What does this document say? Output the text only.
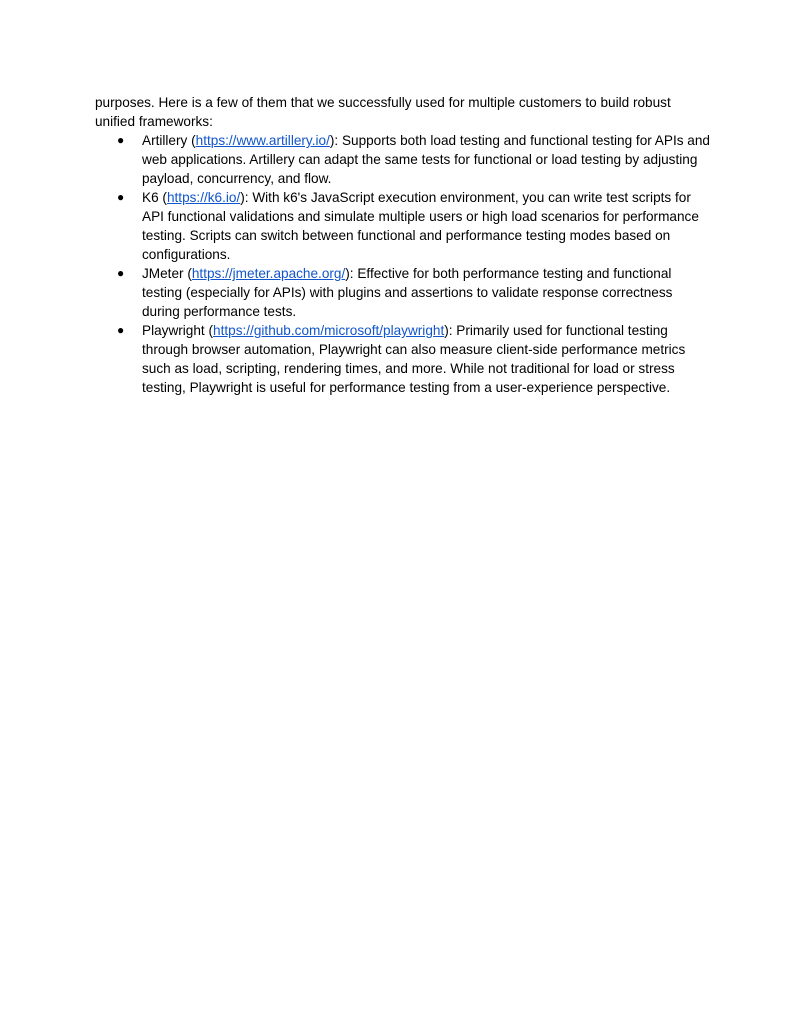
purposes. Here is a few of them that we successfully used for multiple customers to build robust unified frameworks:

● Artillery (https://www.artillery.io/): Supports both load testing and functional testing for APIs and web applications. Artillery can adapt the same tests for functional or load testing by adjusting payload, concurrency, and flow.
● K6 (https://k6.io/): With k6's JavaScript execution environment, you can write test scripts for API functional validations and simulate multiple users or high load scenarios for performance testing. Scripts can switch between functional and performance testing modes based on configurations.
● JMeter (https://jmeter.apache.org/): Effective for both performance testing and functional testing (especially for APIs) with plugins and assertions to validate response correctness during performance tests.
● Playwright (https://github.com/microsoft/playwright): Primarily used for functional testing through browser automation, Playwright can also measure client-side performance metrics such as load, scripting, rendering times, and more. While not traditional for load or stress testing, Playwright is useful for performance testing from a user-experience perspective.
